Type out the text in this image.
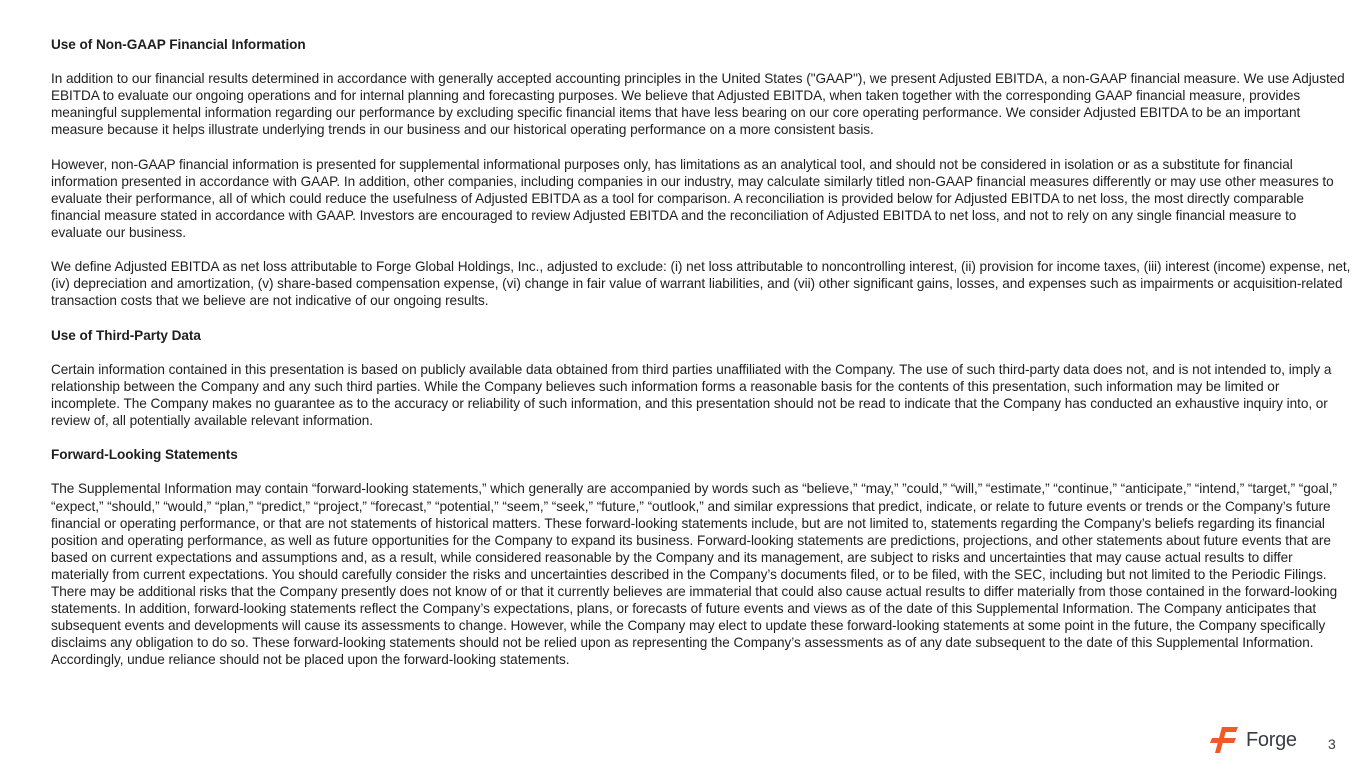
Use of Non-GAAP Financial Information

In addition to our financial results determined in accordance with generally accepted accounting principles in the United States ("GAAP"), we present Adjusted EBITDA, a non-GAAP financial measure. We use Adjusted EBITDA to evaluate our ongoing operations and for internal planning and forecasting purposes. We believe that Adjusted EBITDA, when taken together with the corresponding GAAP financial measure, provides meaningful supplemental information regarding our performance by excluding specific financial items that have less bearing on our core operating performance. We consider Adjusted EBITDA to be an important measure because it helps illustrate underlying trends in our business and our historical operating performance on a more consistent basis.

However, non-GAAP financial information is presented for supplemental informational purposes only, has limitations as an analytical tool, and should not be considered in isolation or as a substitute for financial information presented in accordance with GAAP. In addition, other companies, including companies in our industry, may calculate similarly titled non-GAAP financial measures differently or may use other measures to evaluate their performance, all of which could reduce the usefulness of Adjusted EBITDA as a tool for comparison. A reconciliation is provided below for Adjusted EBITDA to net loss, the most directly comparable financial measure stated in accordance with GAAP. Investors are encouraged to review Adjusted EBITDA and the reconciliation of Adjusted EBITDA to net loss, and not to rely on any single financial measure to evaluate our business.

We define Adjusted EBITDA as net loss attributable to Forge Global Holdings, Inc., adjusted to exclude: (i) net loss attributable to noncontrolling interest, (ii) provision for income taxes, (iii) interest (income) expense, net, (iv) depreciation and amortization, (v) share-based compensation expense, (vi) change in fair value of warrant liabilities, and (vii) other significant gains, losses, and expenses such as impairments or acquisition-related transaction costs that we believe are not indicative of our ongoing results.

Use of Third-Party Data

Certain information contained in this presentation is based on publicly available data obtained from third parties unaffiliated with the Company. The use of such third-party data does not, and is not intended to, imply a relationship between the Company and any such third parties. While the Company believes such information forms a reasonable basis for the contents of this presentation, such information may be limited or incomplete. The Company makes no guarantee as to the accuracy or reliability of such information, and this presentation should not be read to indicate that the Company has conducted an exhaustive inquiry into, or review of, all potentially available relevant information.

Forward-Looking Statements

The Supplemental Information may contain “forward-looking statements,” which generally are accompanied by words such as “believe,” “may,” ”could,” “will,” “estimate,” “continue,” “anticipate,” “intend,” “target,” “goal,” “expect,” “should,” “would,” “plan,” “predict,” “project,” “forecast,” “potential,” “seem,” “seek,” “future,” “outlook,” and similar expressions that predict, indicate, or relate to future events or trends or the Company’s future financial or operating performance, or that are not statements of historical matters. These forward-looking statements include, but are not limited to, statements regarding the Company’s beliefs regarding its financial position and operating performance, as well as future opportunities for the Company to expand its business. Forward-looking statements are predictions, projections, and other statements about future events that are based on current expectations and assumptions and, as a result, while considered reasonable by the Company and its management, are subject to risks and uncertainties that may cause actual results to differ materially from current expectations. You should carefully consider the risks and uncertainties described in the Company’s documents filed, or to be filed, with the SEC, including but not limited to the Periodic Filings. There may be additional risks that the Company presently does not know of or that it currently believes are immaterial that could also cause actual results to differ materially from those contained in the forward-looking statements. In addition, forward-looking statements reflect the Company’s expectations, plans, or forecasts of future events and views as of the date of this Supplemental Information. The Company anticipates that subsequent events and developments will cause its assessments to change. However, while the Company may elect to update these forward-looking statements at some point in the future, the Company specifically disclaims any obligation to do so. These forward-looking statements should not be relied upon as representing the Company’s assessments as of any date subsequent to the date of this Supplemental Information. Accordingly, undue reliance should not be placed upon the forward-looking statements.

Forge 3
